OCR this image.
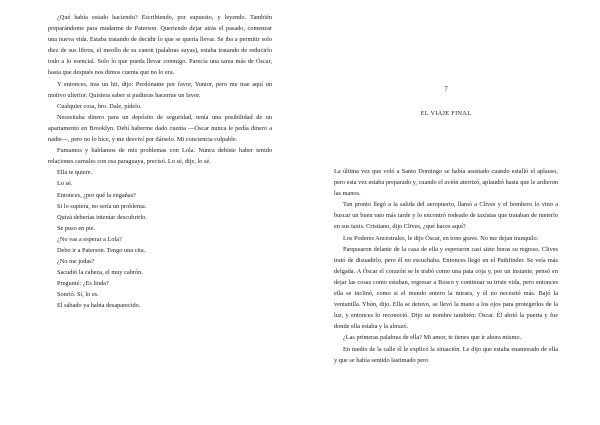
¿Qué había estado haciendo? Escribiendo, por supuesto, y leyendo. También preparándome para mudarme de Paterson. Queriendo dejar atrás el pasado, comenzar una nueva vida. Estaba tratando de decidir lo que se quería llevar. Se iba a permitir solo diez de sus libros, el meollo de su canon (palabras suyas), estaba tratando de reducirlo todo a lo esencial. Solo lo que pueda llevar conmigo. Parecía una tarea más de Óscar, hasta que después nos dimos cuenta que no lo era.

Y entonces, tras un hit, dijo: Perdóname por favor, Yunior, pero me trae aquí un motivo ulterior. Quisiera saber si pudieras hacerme un favor.

Cualquier cosa, bro. Dale, pídelo.

Necesitaba dinero para un depósito de seguridad, tenía una posibilidad de un apartamento en Brooklyn. Debí haberme dado cuenta —Óscar nunca le pedía dinero a nadie—, pero no lo hice, y me desviví por dárselo. Mi conciencia culpable.

Fumamos y hablamos de mis problemas con Lola. Nunca debiste haber tenido relaciones carnales con esa paraguaya, precisó. Lo sé, dije, lo sé.

Ella te quiere.

Lo sé.

Entonces, ¿por qué la engañas?

Si lo supiera, no sería un problema.

Quizá deberías intentar descubrirlo.

Se puso en pie.

¿No vas a esperar a Lola?

Debo ir a Paterson. Tengo una cita.

¿No me jodas?

Sacudió la cabeza, el muy cabrón.

Pregunté: ¿Es linda?

Sonrió. Sí, lo es.

El sábado ya había desaparecido.

7
EL VIAJE FINAL

La última vez que voló a Santo Domingo se había asustado cuando estalló el aplauso, pero esta vez estaba preparado y, cuando el avión aterrizó, aplaudió hasta que le ardieron las manos.

Tan pronto llegó a la salida del aeropuerto, llamó a Clives y el bombero lo vino a buscar un buen rato más tarde y lo encontró rodeado de taxistas que trataban de meterlo en sus taxis. Cristiano, dijo Clives, ¿qué haces aquí?

Los Poderes Ancestrales, le dijo Óscar, en tono grave. No me dejan tranquilo.

Parquearon delante de la casa de ella y esperaron casi siete horas su regreso. Clives trató de disuadirlo, pero él no escuchaba. Entonces llegó en el Pathfinder. Se veía más delgada. A Óscar el corazón se le trabó como una pata coja y, por un instante, pensó en dejar las cosas como estaban, regresar a Bosco y continuar su triste vida, pero entonces ella se inclinó, como si el mundo entero la mirara, y él no necesitó más. Bajó la ventanilla. Ybón, dijo. Ella se detuvo, se llevó la mano a los ojos para protegerlos de la luz, y entonces lo reconoció. Dijo su nombre también: Óscar. Él abrió la puerta y fue donde ella estaba y la abrazó.

¿Las primeras palabras de ella? Mi amor, te tienes que ir ahora mismo.

En medio de la calle él le explicó la situación. Le dijo que estaba enamorado de ella y que se había sentido lastimado pero
